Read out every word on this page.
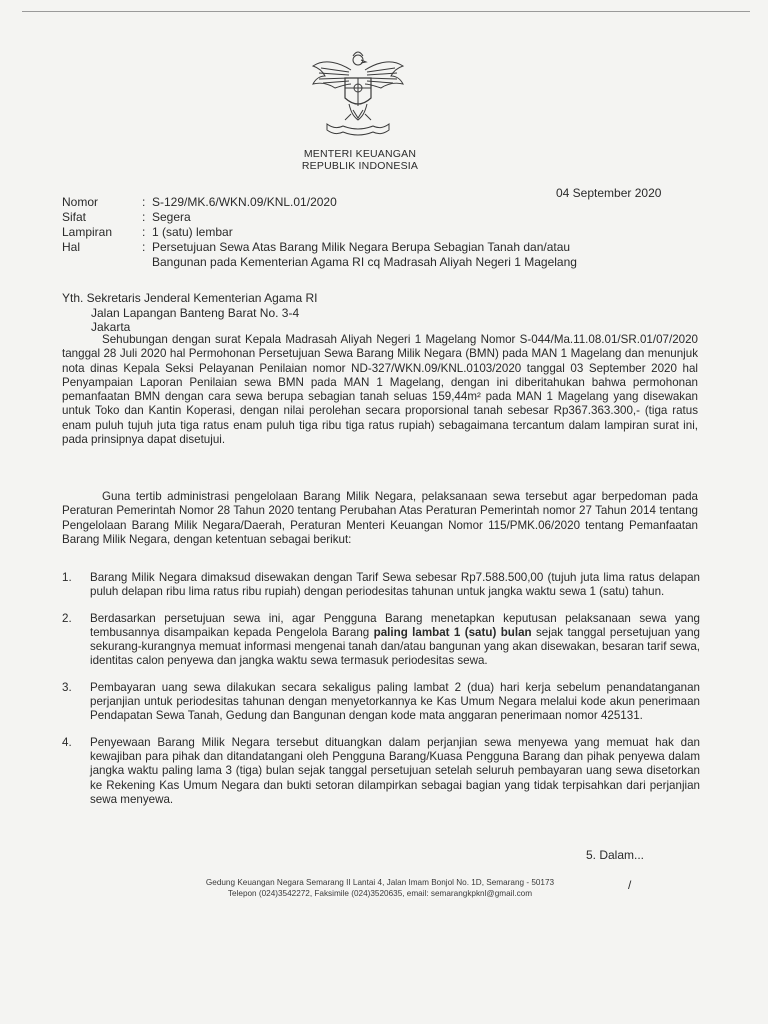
MENTERI KEUANGAN
REPUBLIK INDONESIA
04 September 2020
Nomor	: S-129/MK.6/WKN.09/KNL.01/2020
Sifat	: Segera
Lampiran	: 1 (satu) lembar
Hal	: Persetujuan Sewa Atas Barang Milik Negara Berupa Sebagian Tanah dan/atau
Bangunan pada Kementerian Agama RI cq Madrasah Aliyah Negeri 1 Magelang
Yth. Sekretaris Jenderal Kementerian Agama RI
Jalan Lapangan Banteng Barat No. 3-4
Jakarta

Sehubungan dengan surat Kepala Madrasah Aliyah Negeri 1 Magelang Nomor S-044/Ma.11.08.01/SR.01/07/2020 tanggal 28 Juli 2020 hal Permohonan Persetujuan Sewa Barang Milik Negara (BMN) pada MAN 1 Magelang dan menunjuk nota dinas Kepala Seksi Pelayanan Penilaian nomor ND-327/WKN.09/KNL.0103/2020 tanggal 03 September 2020 hal Penyampaian Laporan Penilaian sewa BMN pada MAN 1 Magelang, dengan ini diberitahukan bahwa permohonan pemanfaatan BMN dengan cara sewa berupa sebagian tanah seluas 159,44m² pada MAN 1 Magelang yang disewakan untuk Toko dan Kantin Koperasi, dengan nilai perolehan secara proporsional tanah sebesar Rp367.363.300,- (tiga ratus enam puluh tujuh juta tiga ratus enam puluh tiga ribu tiga ratus rupiah) sebagaimana tercantum dalam lampiran surat ini, pada prinsipnya dapat disetujui.

Guna tertib administrasi pengelolaan Barang Milik Negara, pelaksanaan sewa tersebut agar berpedoman pada Peraturan Pemerintah Nomor 28 Tahun 2020 tentang Perubahan Atas Peraturan Pemerintah nomor 27 Tahun 2014 tentang Pengelolaan Barang Milik Negara/Daerah, Peraturan Menteri Keuangan Nomor 115/PMK.06/2020 tentang Pemanfaatan Barang Milik Negara, dengan ketentuan sebagai berikut:

1.	Barang Milik Negara dimaksud disewakan dengan Tarif Sewa sebesar Rp7.588.500,00 (tujuh juta lima ratus delapan puluh delapan ribu lima ratus ribu rupiah) dengan periodesitas tahunan untuk jangka waktu sewa 1 (satu) tahun.
2.	Berdasarkan persetujuan sewa ini, agar Pengguna Barang menetapkan keputusan pelaksanaan sewa yang tembusannya disampaikan kepada Pengelola Barang paling lambat 1 (satu) bulan sejak tanggal persetujuan yang sekurang-kurangnya memuat informasi mengenai tanah dan/atau bangunan yang akan disewakan, besaran tarif sewa, identitas calon penyewa dan jangka waktu sewa termasuk periodesitas sewa.
3.	Pembayaran uang sewa dilakukan secara sekaligus paling lambat 2 (dua) hari kerja sebelum penandatanganan perjanjian untuk periodesitas tahunan dengan menyetorkannya ke Kas Umum Negara melalui kode akun penerimaan Pendapatan Sewa Tanah, Gedung dan Bangunan dengan kode mata anggaran penerimaan nomor 425131.
4.	Penyewaan Barang Milik Negara tersebut dituangkan dalam perjanjian sewa menyewa yang memuat hak dan kewajiban para pihak dan ditandatangani oleh Pengguna Barang/Kuasa Pengguna Barang dan pihak penyewa dalam jangka waktu paling lama 3 (tiga) bulan sejak tanggal persetujuan setelah seluruh pembayaran uang sewa disetorkan ke Rekening Kas Umum Negara dan bukti setoran dilampirkan sebagai bagian yang tidak terpisahkan dari perjanjian sewa menyewa.
5. Dalam...
Gedung Keuangan Negara Semarang II Lantai 4, Jalan Imam Bonjol No. 1D, Semarang - 50173
Telepon (024)3542272, Faksimile (024)3520635, email: semarangkpknl@gmail.com
/
